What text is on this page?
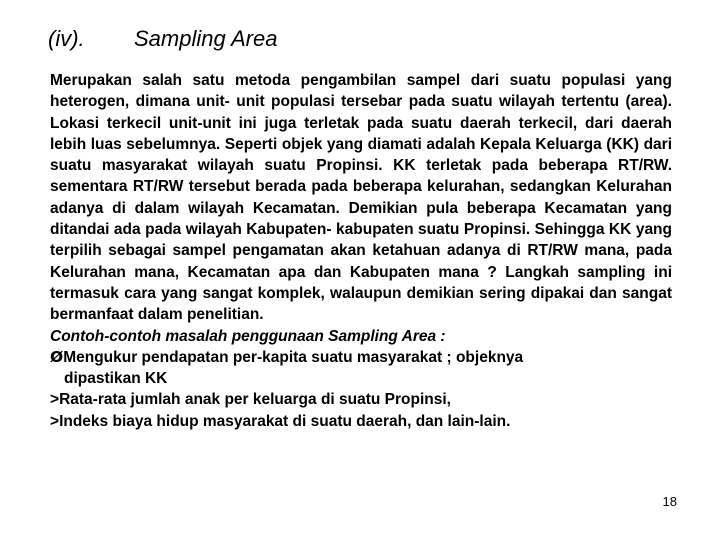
(iv). Sampling Area

Merupakan salah satu metoda pengambilan sampel dari suatu populasi yang heterogen, dimana unit- unit populasi tersebar pada suatu wilayah tertentu (area). Lokasi terkecil unit-unit ini juga terletak pada suatu daerah terkecil, dari daerah lebih luas sebelumnya. Seperti objek yang diamati adalah Kepala Keluarga (KK) dari suatu masyarakat wilayah suatu Propinsi. KK terletak pada beberapa RT/RW. sementara RT/RW tersebut berada pada beberapa kelurahan, sedangkan Kelurahan adanya di dalam wilayah Kecamatan. Demikian pula beberapa Kecamatan yang ditandai ada pada wilayah Kabupaten- kabupaten suatu Propinsi. Sehingga KK yang terpilih sebagai sampel pengamatan akan ketahuan adanya di RT/RW mana, pada Kelurahan mana, Kecamatan apa dan Kabupaten mana ? Langkah sampling ini termasuk cara yang sangat komplek, walaupun demikian sering dipakai dan sangat bermanfaat dalam penelitian.

Contoh-contoh masalah penggunaan Sampling Area :
ØMengukur pendapatan per-kapita suatu masyarakat ; objeknya
dipastikan KK
>Rata-rata jumlah anak per keluarga di suatu Propinsi,
>Indeks biaya hidup masyarakat di suatu daerah, dan lain-lain.
18
